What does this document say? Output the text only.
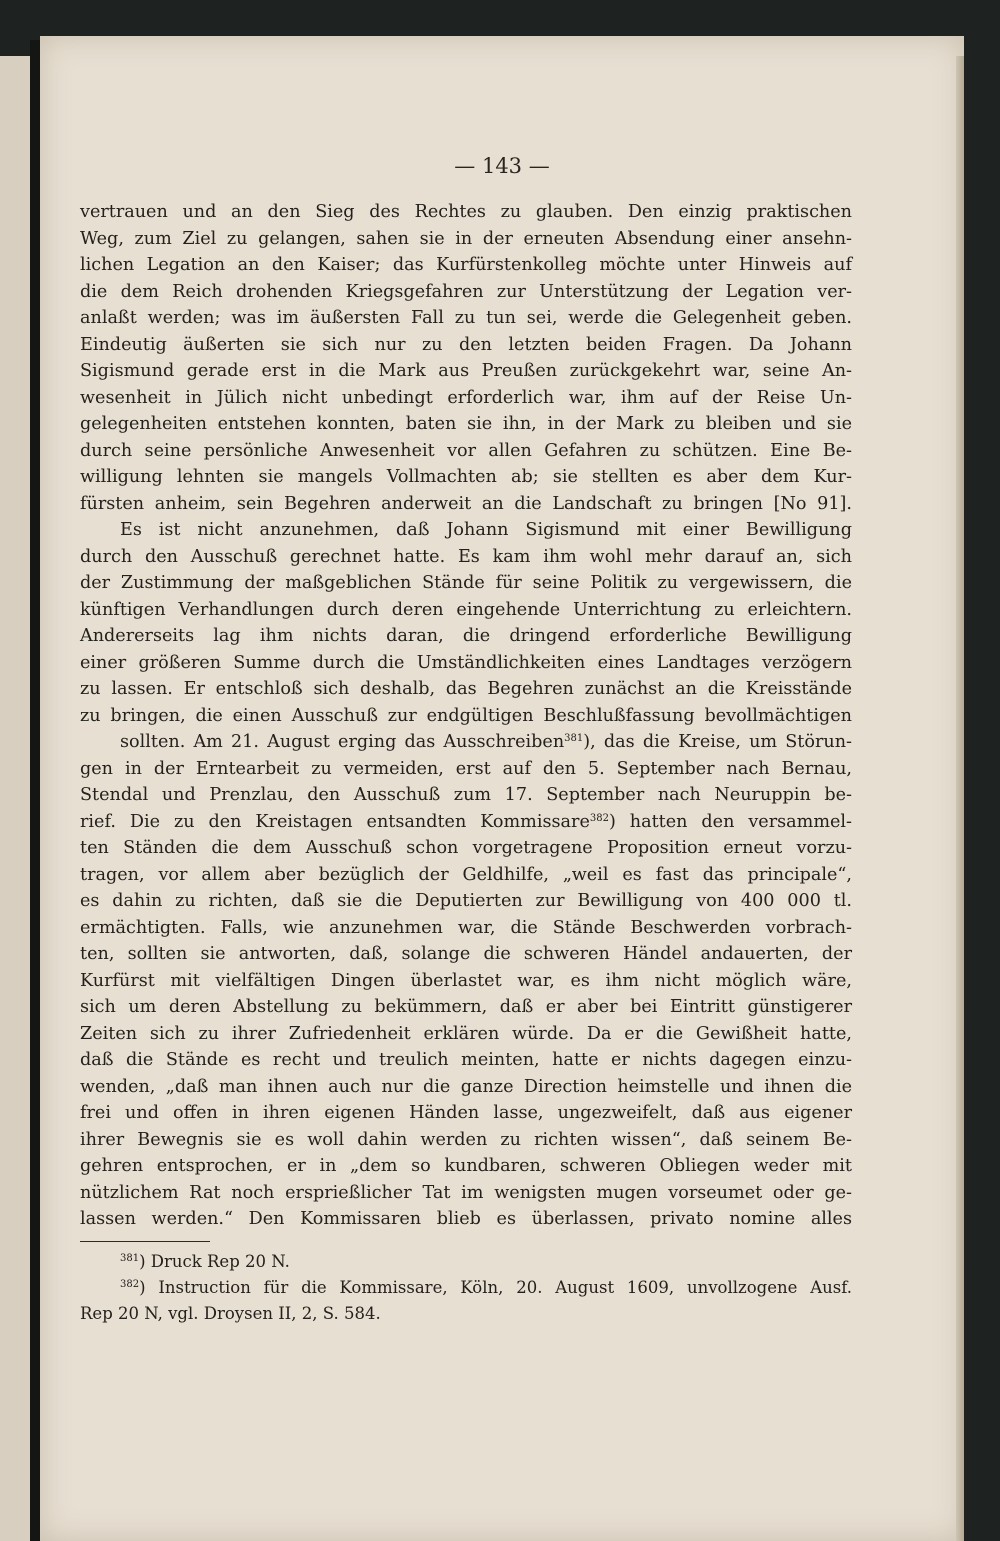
— 143 —

vertrauen und an den Sieg des Rechtes zu glauben. Den einzig praktischen
Weg, zum Ziel zu gelangen, sahen sie in der erneuten Absendung einer ansehn-
lichen Legation an den Kaiser; das Kurfürstenkolleg möchte unter Hinweis auf
die dem Reich drohenden Kriegsgefahren zur Unterstützung der Legation ver-
anlaßt werden; was im äußersten Fall zu tun sei, werde die Gelegenheit geben.
Eindeutig äußerten sie sich nur zu den letzten beiden Fragen. Da Johann
Sigismund gerade erst in die Mark aus Preußen zurückgekehrt war, seine An-
wesenheit in Jülich nicht unbedingt erforderlich war, ihm auf der Reise Un-
gelegenheiten entstehen konnten, baten sie ihn, in der Mark zu bleiben und sie
durch seine persönliche Anwesenheit vor allen Gefahren zu schützen. Eine Be-
willigung lehnten sie mangels Vollmachten ab; sie stellten es aber dem Kur-
fürsten anheim, sein Begehren anderweit an die Landschaft zu bringen [No 91].
Es ist nicht anzunehmen, daß Johann Sigismund mit einer Bewilligung
durch den Ausschuß gerechnet hatte. Es kam ihm wohl mehr darauf an, sich
der Zustimmung der maßgeblichen Stände für seine Politik zu vergewissern, die
künftigen Verhandlungen durch deren eingehende Unterrichtung zu erleichtern.
Andererseits lag ihm nichts daran, die dringend erforderliche Bewilligung
einer größeren Summe durch die Umständlichkeiten eines Landtages verzögern
zu lassen. Er entschloß sich deshalb, das Begehren zunächst an die Kreisstände
zu bringen, die einen Ausschuß zur endgültigen Beschlußfassung bevollmächtigen
sollten. Am 21. August erging das Ausschreiben$^{381}$), das die Kreise, um Störun-
gen in der Erntearbeit zu vermeiden, erst auf den 5. September nach Bernau,
Stendal und Prenzlau, den Ausschuß zum 17. September nach Neuruppin be-
rief. Die zu den Kreistagen entsandten Kommissare$^{382}$) hatten den versammel-
ten Ständen die dem Ausschuß schon vorgetragene Proposition erneut vorzu-
tragen, vor allem aber bezüglich der Geldhilfe, „weil es fast das principale“,
es dahin zu richten, daß sie die Deputierten zur Bewilligung von 400 000 tl.
ermächtigten. Falls, wie anzunehmen war, die Stände Beschwerden vorbrach-
ten, sollten sie antworten, daß, solange die schweren Händel andauerten, der
Kurfürst mit vielfältigen Dingen überlastet war, es ihm nicht möglich wäre,
sich um deren Abstellung zu bekümmern, daß er aber bei Eintritt günstigerer
Zeiten sich zu ihrer Zufriedenheit erklären würde. Da er die Gewißheit hatte,
daß die Stände es recht und treulich meinten, hatte er nichts dagegen einzu-
wenden, „daß man ihnen auch nur die ganze Direction heimstelle und ihnen die
frei und offen in ihren eigenen Händen lasse, ungezweifelt, daß aus eigener
ihrer Bewegnis sie es woll dahin werden zu richten wissen“, daß seinem Be-
gehren entsprochen, er in „dem so kundbaren, schweren Obliegen weder mit
nützlichem Rat noch ersprießlicher Tat im wenigsten mugen vorseumet oder ge-
lassen werden.“ Den Kommissaren blieb es überlassen, privato nomine alles
$^{381}$) Druck Rep 20 N.
$^{382}$) Instruction für die Kommissare, Köln, 20. August 1609, unvollzogene Ausf.
Rep 20 N, vgl. Droysen II, 2, S. 584.
